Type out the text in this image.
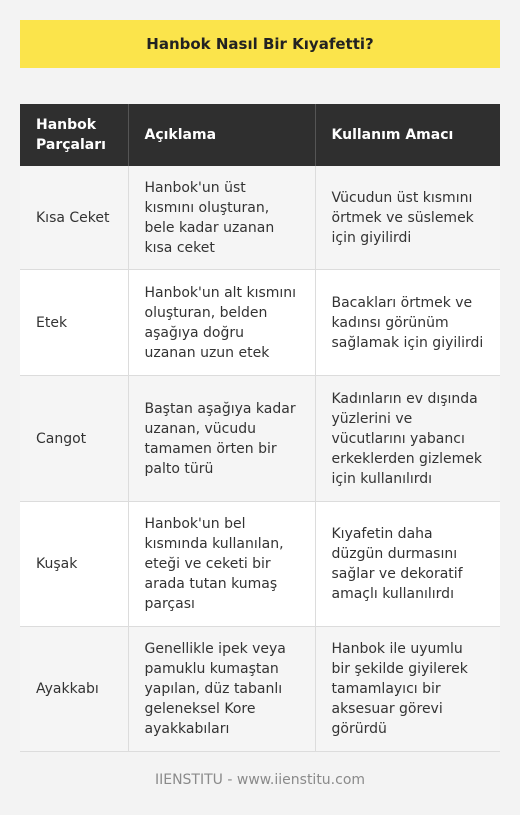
Hanbok Nasıl Bir Kıyafetti?
Hanbok Parçaları	Açıklama	Kullanım Amacı
Kısa Ceket	Hanbok'un üst kısmını oluşturan, bele kadar uzanan kısa ceket	Vücudun üst kısmını örtmek ve süslemek için giyilirdi
Etek	Hanbok'un alt kısmını oluşturan, belden aşağıya doğru uzanan uzun etek	Bacakları örtmek ve kadınsı görünüm sağlamak için giyilirdi
Cangot	Baştan aşağıya kadar uzanan, vücudu tamamen örten bir palto türü	Kadınların ev dışında yüzlerini ve vücutlarını yabancı erkeklerden gizlemek için kullanılırdı
Kuşak	Hanbok'un bel kısmında kullanılan, eteği ve ceketi bir arada tutan kumaş parçası	Kıyafetin daha düzgün durmasını sağlar ve dekoratif amaçlı kullanılırdı
Ayakkabı	Genellikle ipek veya pamuklu kumaştan yapılan, düz tabanlı geleneksel Kore ayakkabıları	Hanbok ile uyumlu bir şekilde giyilerek tamamlayıcı bir aksesuar görevi görürdü
IIENSTITU - www.iienstitu.com
